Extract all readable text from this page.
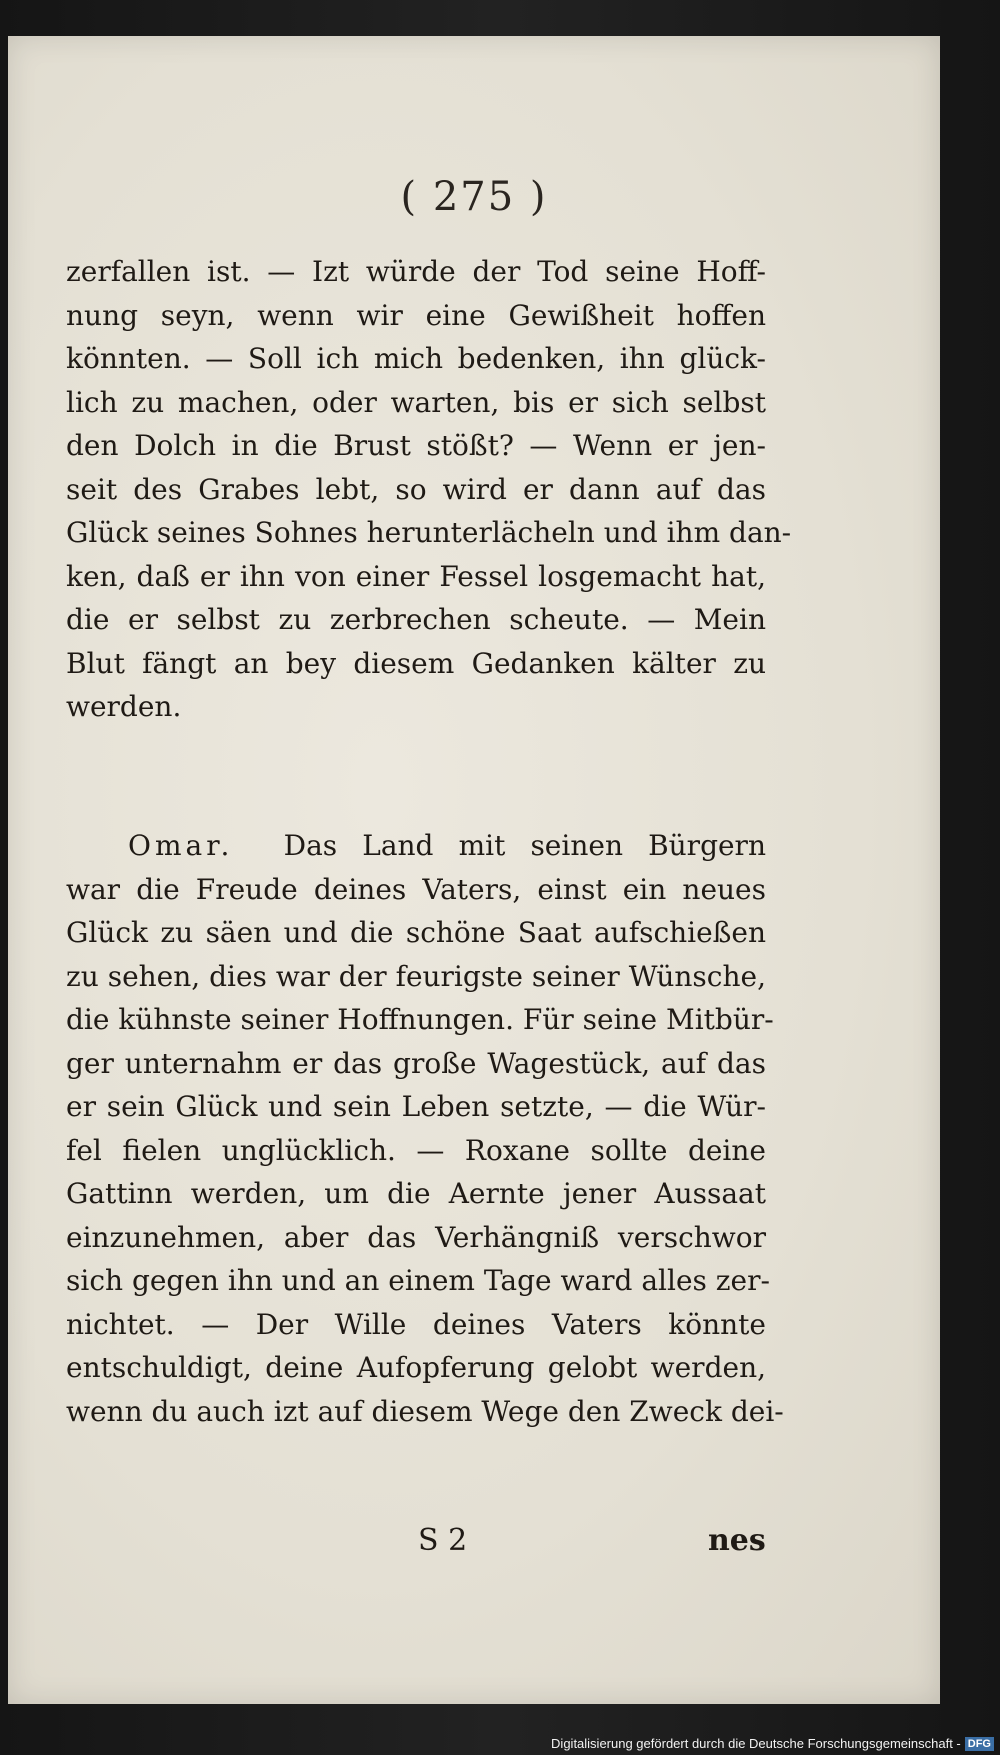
( 275 )
zerfallen ist. — Izt würde der Tod seine Hoff-
nung seyn, wenn wir eine Gewißheit hoffen
könnten. — Soll ich mich bedenken, ihn glück-
lich zu machen, oder warten, bis er sich selbst
den Dolch in die Brust stößt? — Wenn er jen-
seit des Grabes lebt, so wird er dann auf das
Glück seines Sohnes herunterlächeln und ihm dan-
ken, daß er ihn von einer Fessel losgemacht hat,
die er selbst zu zerbrechen scheute. — Mein
Blut fängt an bey diesem Gedanken kälter zu
werden.
Omar. Das Land mit seinen Bürgern
war die Freude deines Vaters, einst ein neues
Glück zu säen und die schöne Saat aufschießen
zu sehen, dies war der feurigste seiner Wünsche,
die kühnste seiner Hoffnungen. Für seine Mitbür-
ger unternahm er das große Wagestück, auf das
er sein Glück und sein Leben setzte, — die Wür-
fel fielen unglücklich. — Roxane sollte deine
Gattinn werden, um die Aernte jener Aussaat
einzunehmen, aber das Verhängniß verschwor
sich gegen ihn und an einem Tage ward alles zer-
nichtet. — Der Wille deines Vaters könnte
entschuldigt, deine Aufopferung gelobt werden,
wenn du auch izt auf diesem Wege den Zweck dei-
S 2	nes
Digitalisierung gefördert durch die Deutsche Forschungsgemeinschaft - DFG
